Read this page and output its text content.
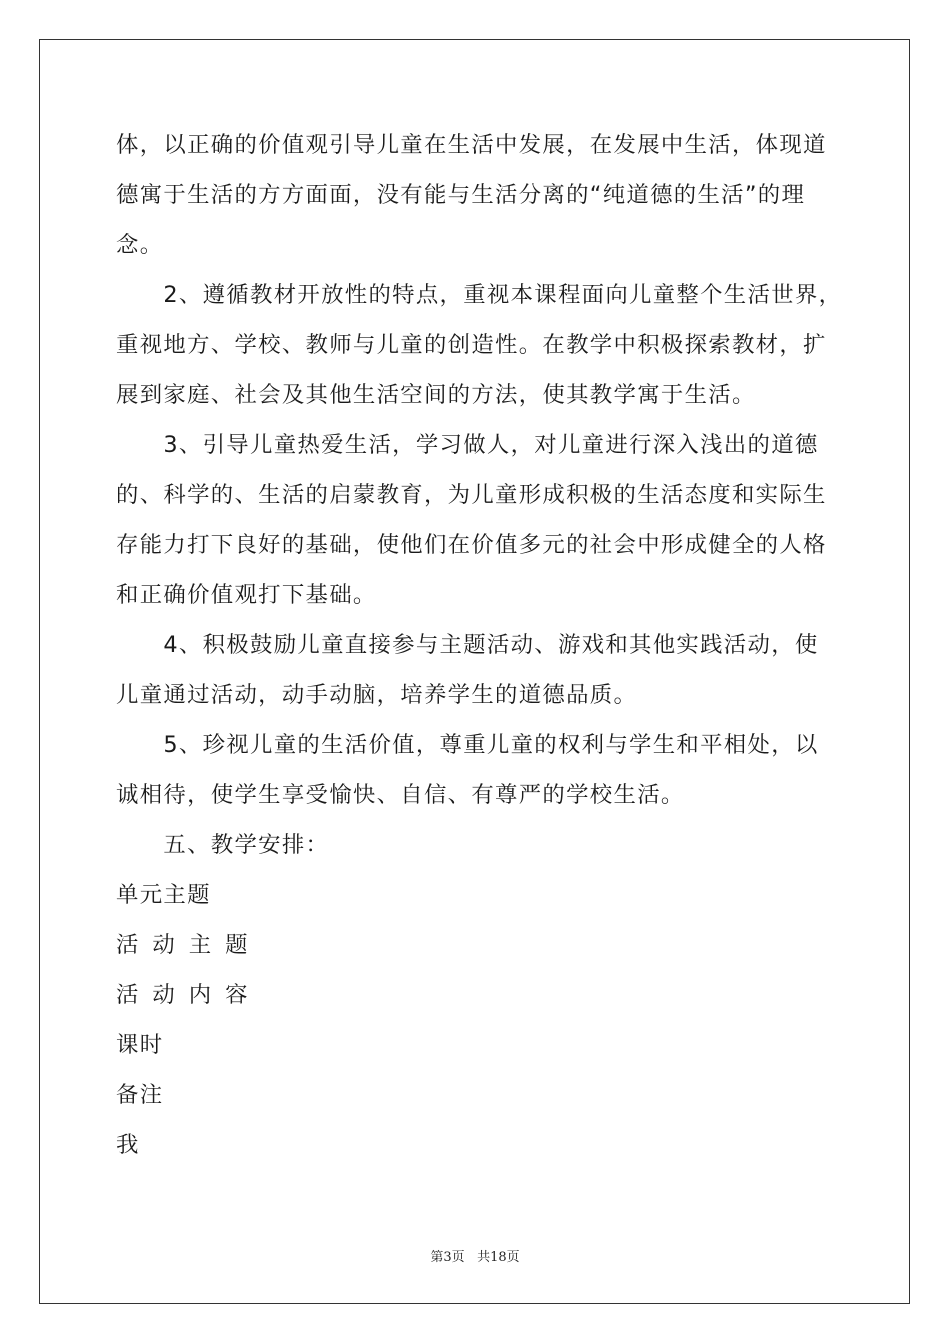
体，以正确的价值观引导儿童在生活中发展，在发展中生活，体现道
德寓于生活的方方面面，没有能与生活分离的“纯道德的生活”的理
念。
　　2、遵循教材开放性的特点，重视本课程面向儿童整个生活世界，
重视地方、学校、教师与儿童的创造性。在教学中积极探索教材，扩
展到家庭、社会及其他生活空间的方法，使其教学寓于生活。
　　3、引导儿童热爱生活，学习做人，对儿童进行深入浅出的道德
的、科学的、生活的启蒙教育，为儿童形成积极的生活态度和实际生
存能力打下良好的基础，使他们在价值多元的社会中形成健全的人格
和正确价值观打下基础。
　　4、积极鼓励儿童直接参与主题活动、游戏和其他实践活动，使
儿童通过活动，动手动脑，培养学生的道德品质。
　　5、珍视儿童的生活价值，尊重儿童的权利与学生和平相处，以
诚相待，使学生享受愉快、自信、有尊严的学校生活。
　　五、教学安排：
单元主题
活动主题
活动内容
课时
备注
我
第3页 共18页
